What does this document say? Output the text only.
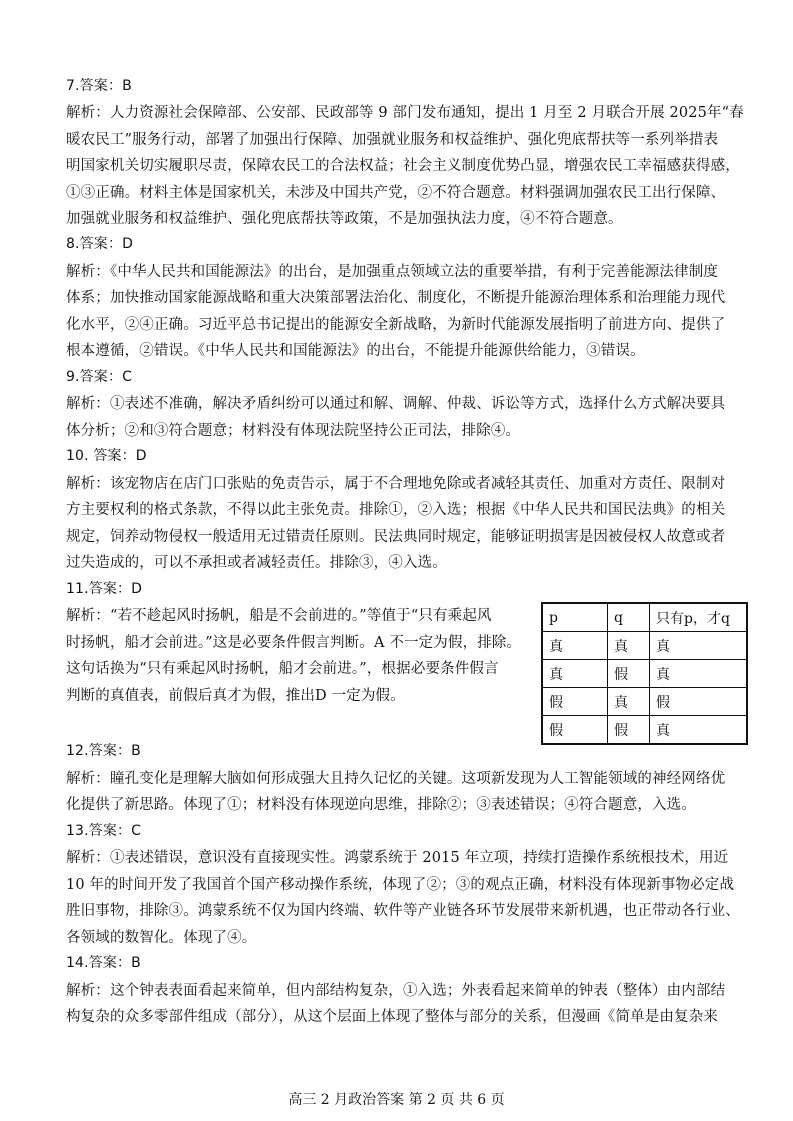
7.答案：B
解析：人力资源社会保障部、公安部、民政部等 9 部门发布通知，提出 1 月至 2 月联合开展 2025年“春
暖农民工”服务行动，部署了加强出行保障、加强就业服务和权益维护、强化兜底帮扶等一系列举措表
明国家机关切实履职尽责，保障农民工的合法权益；社会主义制度优势凸显，增强农民工幸福感获得感，
①③正确。材料主体是国家机关，未涉及中国共产党，②不符合题意。材料强调加强农民工出行保障、
加强就业服务和权益维护、强化兜底帮扶等政策，不是加强执法力度，④不符合题意。
8.答案：D
解析：《中华人民共和国能源法》的出台，是加强重点领域立法的重要举措，有利于完善能源法律制度
体系；加快推动国家能源战略和重大决策部署法治化、制度化，不断提升能源治理体系和治理能力现代
化水平，②④正确。习近平总书记提出的能源安全新战略，为新时代能源发展指明了前进方向、提供了
根本遵循，②错误。《中华人民共和国能源法》的出台，不能提升能源供给能力，③错误。
9.答案：C
解析：①表述不准确，解决矛盾纠纷可以通过和解、调解、仲裁、诉讼等方式，选择什么方式解决要具
体分析；②和③符合题意；材料没有体现法院坚持公正司法，排除④。
10. 答案：D
解析：该宠物店在店门口张贴的免责告示，属于不合理地免除或者减轻其责任、加重对方责任、限制对
方主要权利的格式条款，不得以此主张免责。排除①，②入选；根据《中华人民共和国民法典》的相关
规定，饲养动物侵权一般适用无过错责任原则。民法典同时规定，能够证明损害是因被侵权人故意或者
过失造成的，可以不承担或者减轻责任。排除③，④入选。
11.答案：D
解析：“若不趁起风时扬帆，船是不会前进的。”等值于“只有乘起风
时扬帆，船才会前进。”这是必要条件假言判断。A 不一定为假，排除。
这句话换为“只有乘起风时扬帆，船才会前进。”，根据必要条件假言
判断的真值表，前假后真才为假，推出D 一定为假。
p	q	只有p，才q
真	真	真
真	假	真
假	真	假
假	假	真
12.答案：B
解析：瞳孔变化是理解大脑如何形成强大且持久记忆的关键。这项新发现为人工智能领域的神经网络优
化提供了新思路。体现了①；材料没有体现逆向思维，排除②；③表述错误；④符合题意，入选。
13.答案：C
解析：①表述错误，意识没有直接现实性。鸿蒙系统于 2015 年立项，持续打造操作系统根技术，用近
10 年的时间开发了我国首个国产移动操作系统，体现了②；③的观点正确，材料没有体现新事物必定战
胜旧事物，排除③。鸿蒙系统不仅为国内终端、软件等产业链各环节发展带来新机遇，也正带动各行业、
各领域的数智化。体现了④。
14.答案：B
解析：这个钟表表面看起来简单，但内部结构复杂，①入选；外表看起来简单的钟表（整体）由内部结
构复杂的众多零部件组成（部分），从这个层面上体现了整体与部分的关系，但漫画《简单是由复杂来
高三 2 月政治答案 第 2 页 共 6 页
